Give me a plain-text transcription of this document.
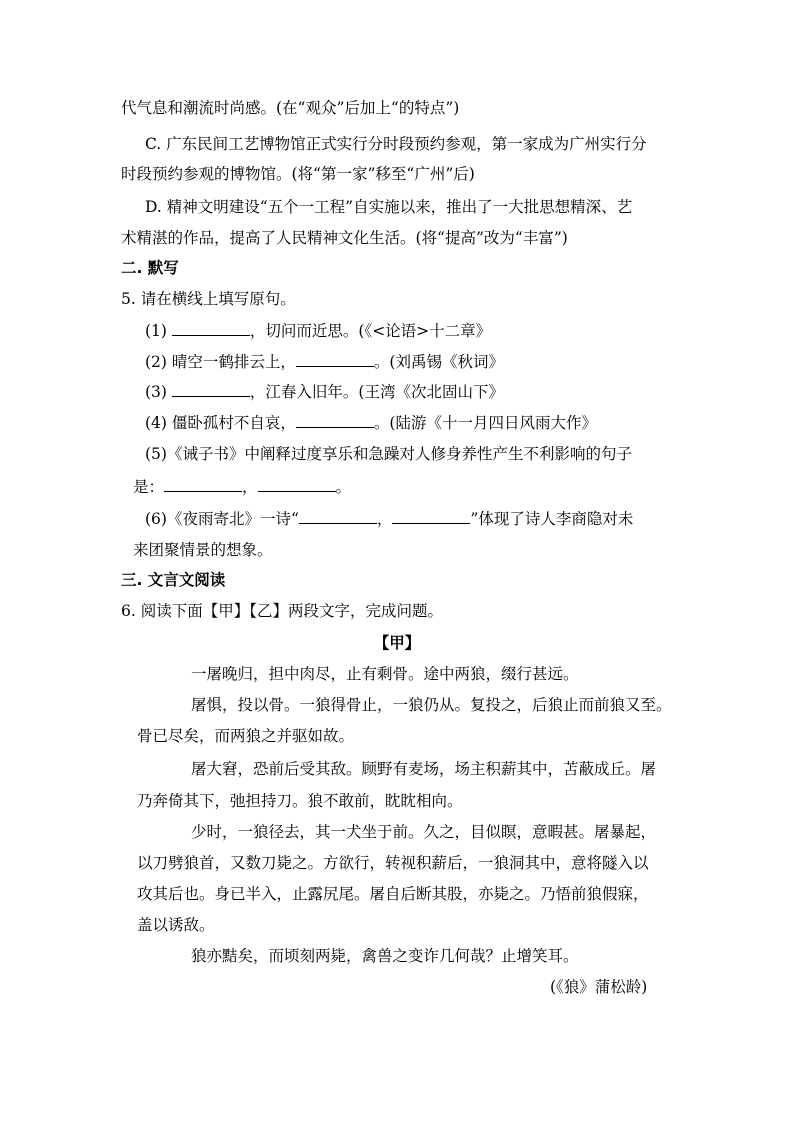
代气息和潮流时尚感。(在“观众”后加上“的特点”)
C. 广东民间工艺博物馆正式实行分时段预约参观，第一家成为广州实行分
时段预约参观的博物馆。(将“第一家”移至“广州”后)
D. 精神文明建设“五个一工程”自实施以来，推出了一大批思想精深、艺
术精湛的作品，提高了人民精神文化生活。(将“提高”改为“丰富”)
二. 默写
5. 请在横线上填写原句。
(1)	，切问而近思。(《<论语>十二章》
(2) 晴空一鹤排云上，	。(刘禹锡《秋词》
(3)	，江春入旧年。(王湾《次北固山下》
(4) 僵卧孤村不自哀，	。(陆游《十一月四日风雨大作》
(5)《诫子书》中阐释过度享乐和急躁对人修身养性产生不利影响的句子
是：	，	。
(6)《夜雨寄北》一诗“	，	”体现了诗人李商隐对未
来团聚情景的想象。
三. 文言文阅读
6. 阅读下面【甲】【乙】两段文字，完成问题。
【甲】
一屠晚归，担中肉尽，止有剩骨。途中两狼，缀行甚远。
屠惧，投以骨。一狼得骨止，一狼仍从。复投之，后狼止而前狼又至。
骨已尽矣，而两狼之并驱如故。
屠大窘，恐前后受其敌。顾野有麦场，场主积薪其中，苫蔽成丘。屠
乃奔倚其下，弛担持刀。狼不敢前，眈眈相向。
少时，一狼径去，其一犬坐于前。久之，目似瞑，意暇甚。屠暴起，
以刀劈狼首，又数刀毙之。方欲行，转视积薪后，一狼洞其中，意将隧入以
攻其后也。身已半入，止露尻尾。屠自后断其股，亦毙之。乃悟前狼假寐，
盖以诱敌。
狼亦黠矣，而顷刻两毙，禽兽之变诈几何哉？止增笑耳。
(《狼》蒲松龄)
